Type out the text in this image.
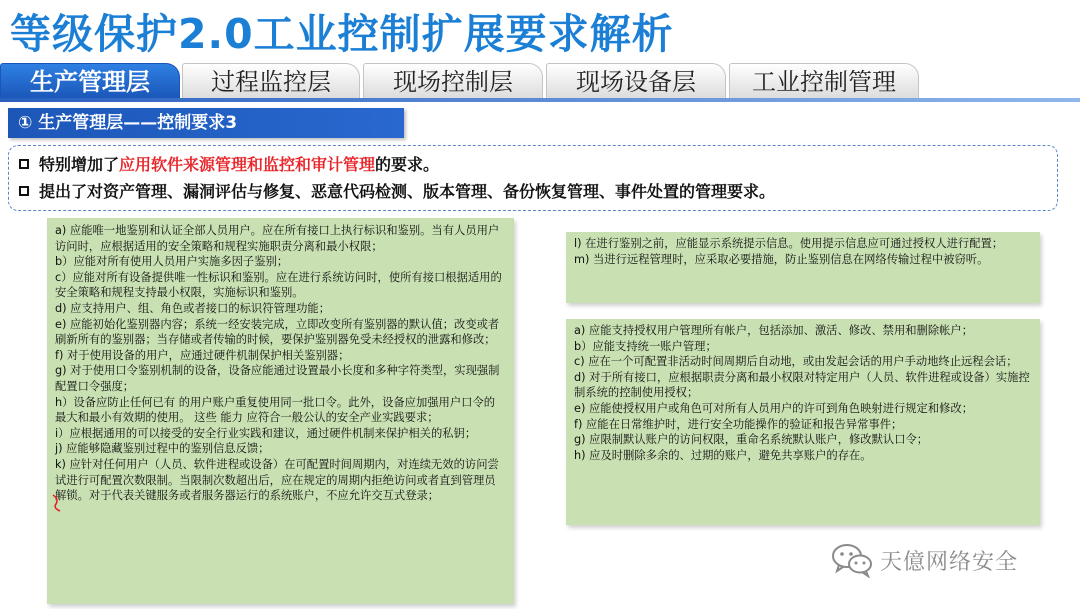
等级保护2.0工业控制扩展要求解析
生产管理层	过程监控层	现场控制层	现场设备层	工业控制管理
① 生产管理层——控制要求3
特别增加了应用软件来源管理和监控和审计管理的要求。
提出了对资产管理、漏洞评估与修复、恶意代码检测、版本管理、备份恢复管理、事件处置的管理要求。

a) 应能唯一地鉴别和认证全部人员用户。应在所有接口上执行标识和鉴别。当有人员用户访问时，应根据适用的安全策略和规程实施职责分离和最小权限；

b）应能对所有使用人员用户实施多因子鉴别；

c）应能对所有设备提供唯一性标识和鉴别。应在进行系统访问时，使所有接口根据适用的安全策略和规程支持最小权限，实施标识和鉴别。

d) 应支持用户、组、角色或者接口的标识符管理功能；

e) 应能初始化鉴别器内容；系统一经安装完成，立即改变所有鉴别器的默认值；改变或者刷新所有的鉴别器；当存储或者传输的时候，要保护鉴别器免受未经授权的泄露和修改；

f) 对于使用设备的用户，应通过硬件机制保护相关鉴别器；

g) 对于使用口令鉴别机制的设备，设备应能通过设置最小长度和多种字符类型，实现强制配置口令强度；

h）设备应防止任何已有 的用户账户重复使用同一批口令。此外，设备应加强用户口令的最大和最小有效期的使用。 这些 能力 应符合一般公认的安全产业实践要求；

i）应根据通用的可以接受的安全行业实践和建议，通过硬件机制来保护相关的私钥；

j) 应能够隐藏鉴别过程中的鉴别信息反馈；

k) 应针对任何用户（人员、软件进程或设备）在可配置时间周期内，对连续无效的访问尝试进行可配置次数限制。当限制次数超出后，应在规定的周期内拒绝访问或者直到管理员解锁。对于代表关键服务或者服务器运行的系统账户，不应允许交互式登录；

l) 在进行鉴别之前，应能显示系统提示信息。使用提示信息应可通过授权人进行配置；

m) 当进行远程管理时，应采取必要措施，防止鉴别信息在网络传输过程中被窃听。

a) 应能支持授权用户管理所有帐户，包括添加、激活、修改、禁用和删除帐户；

b）应能支持统一账户管理；

c) 应在一个可配置非活动时间周期后自动地，或由发起会话的用户手动地终止远程会话；

d) 对于所有接口，应根据职责分离和最小权限对特定用户（人员、软件进程或设备）实施控制系统的控制使用授权；

e) 应能使授权用户或角色可对所有人员用户的许可到角色映射进行规定和修改；

f) 应能在日常维护时，进行安全功能操作的验证和报告异常事件；

g) 应限制默认账户的访问权限，重命名系统默认账户，修改默认口令；

h) 应及时删除多余的、过期的账户，避免共享账户的存在。

天億网络安全
